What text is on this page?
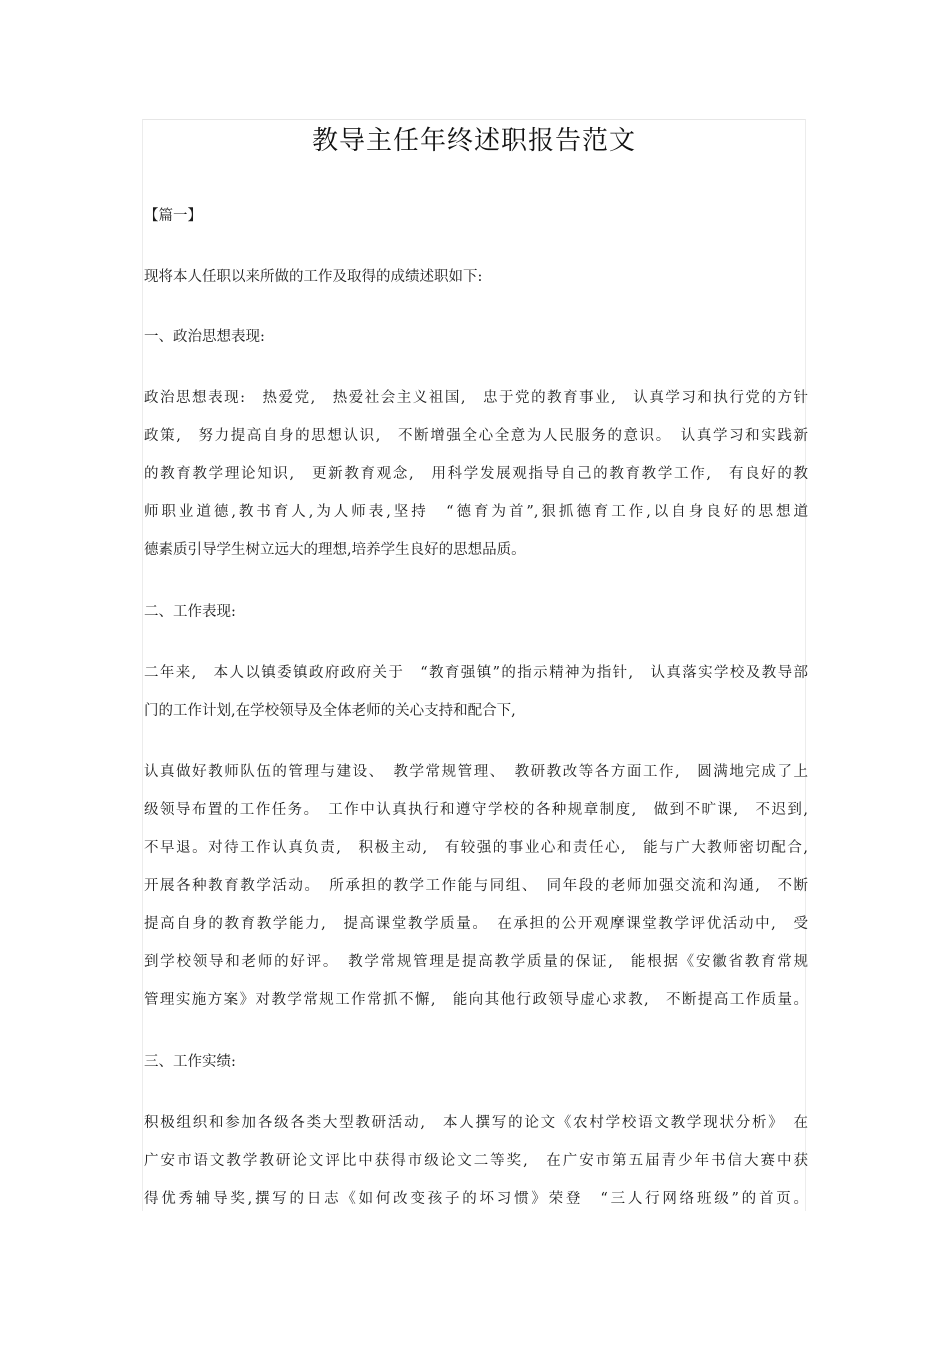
教导主任年终述职报告范文
【篇一】
现将本人任职以来所做的工作及取得的成绩述职如下:
一、政治思想表现:
政治思想表现:　热爱党,　热爱社会主义祖国,　忠于党的教育事业,　认真学习和执行党的方针
政策,　努力提高自身的思想认识,　不断增强全心全意为人民服务的意识。　认真学习和实践新
的教育教学理论知识,　更新教育观念,　用科学发展观指导自己的教育教学工作,　有良好的教
师职业道德,教书育人,为人师表,坚持　“德育为首”,狠抓德育工作,以自身良好的思想道
德素质引导学生树立远大的理想,培养学生良好的思想品质。
二、工作表现:
二年来,　本人以镇委镇政府政府关于　“教育强镇”的指示精神为指针,　认真落实学校及教导部
门的工作计划,在学校领导及全体老师的关心支持和配合下,
认真做好教师队伍的管理与建设、　教学常规管理、　教研教改等各方面工作,　圆满地完成了上
级领导布置的工作任务。　工作中认真执行和遵守学校的各种规章制度,　做到不旷课,　不迟到,
不早退。对待工作认真负责,　积极主动,　有较强的事业心和责任心,　能与广大教师密切配合,
开展各种教育教学活动。　所承担的教学工作能与同组、　同年段的老师加强交流和沟通,　不断
提高自身的教育教学能力,　提高课堂教学质量。　在承担的公开观摩课堂教学评优活动中,　受
到学校领导和老师的好评。　教学常规管理是提高教学质量的保证,　能根据《安徽省教育常规
管理实施方案》对教学常规工作常抓不懈,　能向其他行政领导虚心求教,　不断提高工作质量。
三、工作实绩:
积极组织和参加各级各类大型教研活动,　本人撰写的论文《农村学校语文教学现状分析》　在
广安市语文教学教研论文评比中获得市级论文二等奖,　在广安市第五届青少年书信大赛中获
得优秀辅导奖,撰写的日志《如何改变孩子的坏习惯》荣登　“三人行网络班级”的首页。
